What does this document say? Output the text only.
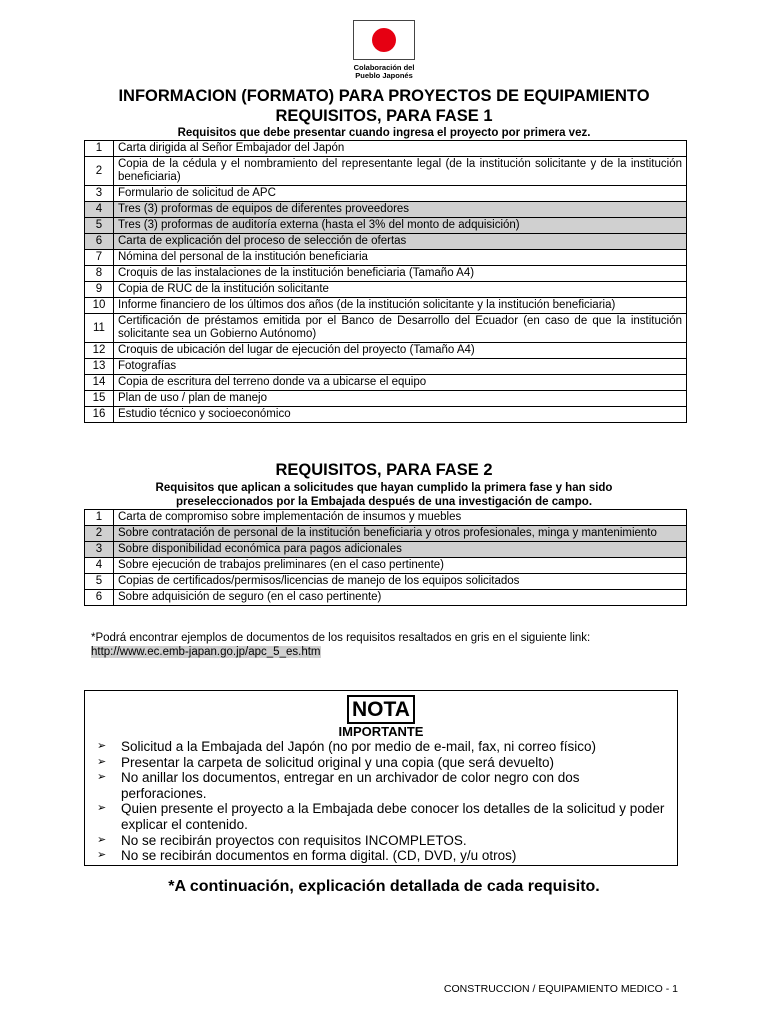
Colaboración del
Pueblo Japonés
INFORMACION (FORMATO) PARA PROYECTOS DE EQUIPAMIENTO
REQUISITOS, PARA FASE 1
Requisitos que debe presentar cuando ingresa el proyecto por primera vez.
1	Carta dirigida al Señor Embajador del Japón
2	Copia de la cédula y el nombramiento del representante legal (de la institución solicitante y de la institución beneficiaria)
3	Formulario de solicitud de APC
4	Tres (3) proformas de equipos de diferentes proveedores
5	Tres (3) proformas de auditoría externa (hasta el 3% del monto de adquisición)
6	Carta de explicación del proceso de selección de ofertas
7	Nómina del personal de la institución beneficiaria
8	Croquis de las instalaciones de la institución beneficiaria (Tamaño A4)
9	Copia de RUC de la institución solicitante
10	Informe financiero de los últimos dos años (de la institución solicitante y la institución beneficiaria)
11	Certificación de préstamos emitida por el Banco de Desarrollo del Ecuador (en caso de que la institución solicitante sea un Gobierno Autónomo)
12	Croquis de ubicación del lugar de ejecución del proyecto (Tamaño A4)
13	Fotografías
14	Copia de escritura del terreno donde va a ubicarse el equipo
15	Plan de uso / plan de manejo
16	Estudio técnico y socioeconómico
REQUISITOS, PARA FASE 2
Requisitos que aplican a solicitudes que hayan cumplido la primera fase y han sido
preseleccionados por la Embajada después de una investigación de campo.
1	Carta de compromiso sobre implementación de insumos y muebles
2	Sobre contratación de personal de la institución beneficiaria y otros profesionales, minga y mantenimiento
3	Sobre disponibilidad económica para pagos adicionales
4	Sobre ejecución de trabajos preliminares (en el caso pertinente)
5	Copias de certificados/permisos/licencias de manejo de los equipos solicitados
6	Sobre adquisición de seguro (en el caso pertinente)
*Podrá encontrar ejemplos de documentos de los requisitos resaltados en gris en el siguiente link:
http://www.ec.emb-japan.go.jp/apc_5_es.htm
NOTA
IMPORTANTE
➢ Solicitud a la Embajada del Japón (no por medio de e-mail, fax, ni correo físico)
➢ Presentar la carpeta de solicitud original y una copia (que será devuelto)
➢ No anillar los documentos, entregar en un archivador de color negro con dos perforaciones.
➢ Quien presente el proyecto a la Embajada debe conocer los detalles de la solicitud y poder explicar el contenido.
➢ No se recibirán proyectos con requisitos INCOMPLETOS.
➢ No se recibirán documentos en forma digital. (CD, DVD, y/u otros)
*A continuación, explicación detallada de cada requisito.
CONSTRUCCION / EQUIPAMIENTO MEDICO - 1
